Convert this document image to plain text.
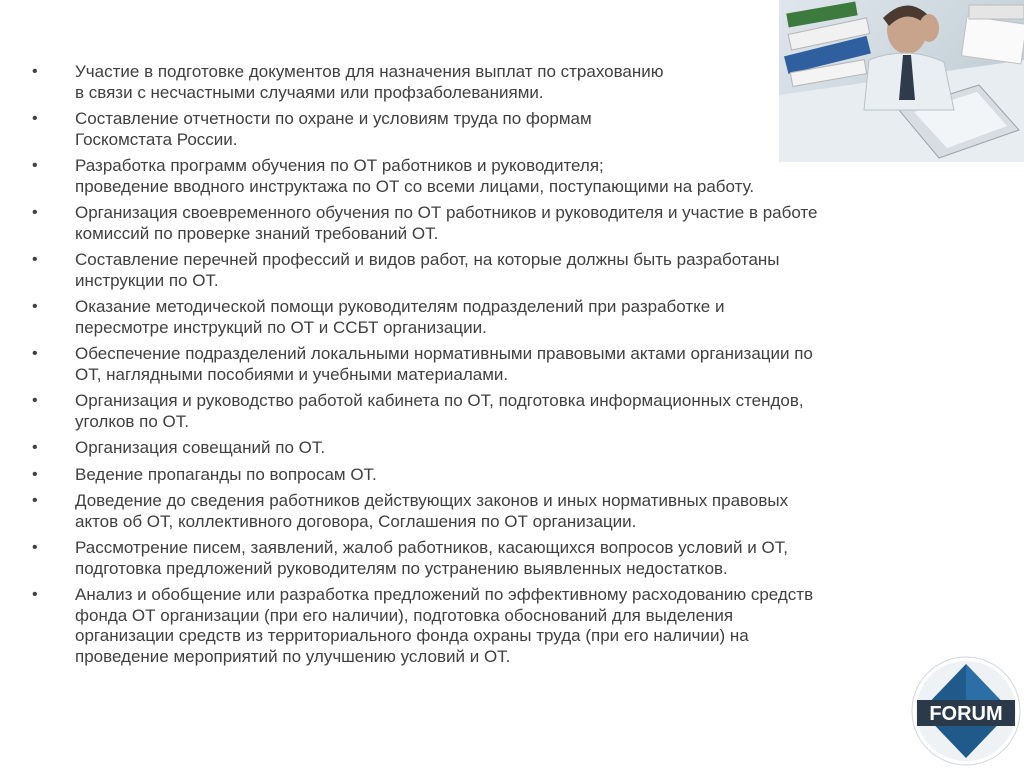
• Участие в подготовке документов для назначения выплат по страхованию
в связи с несчастными случаями или профзаболеваниями.
• Составление отчетности по охране и условиям труда по формам
Госкомстата России.
• Разработка программ обучения по ОТ работников и руководителя;
проведение вводного инструктажа по ОТ со всеми лицами, поступающими на работу.
• Организация своевременного обучения по ОТ работников и руководителя и участие в работе
комиссий по проверке знаний требований ОТ.
• Составление перечней профессий и видов работ, на которые должны быть разработаны
инструкции по ОТ.
• Оказание методической помощи руководителям подразделений при разработке и
пересмотре инструкций по ОТ и ССБТ организации.
• Обеспечение подразделений локальными нормативными правовыми актами организации по
ОТ, наглядными пособиями и учебными материалами.
• Организация и руководство работой кабинета по ОТ, подготовка информационных стендов,
уголков по ОТ.
• Организация совещаний по ОТ.
• Ведение пропаганды по вопросам ОТ.
• Доведение до сведения работников действующих законов и иных нормативных правовых
актов об ОТ, коллективного договора, Соглашения по ОТ организации.
• Рассмотрение писем, заявлений, жалоб работников, касающихся вопросов условий и ОТ,
подготовка предложений руководителям по устранению выявленных недостатков.
• Анализ и обобщение или разработка предложений по эффективному расходованию средств
фонда ОТ организации (при его наличии), подготовка обоснований для выделения
организации средств из территориального фонда охраны труда (при его наличии) на
проведение мероприятий по улучшению условий и ОТ.
FORUM
